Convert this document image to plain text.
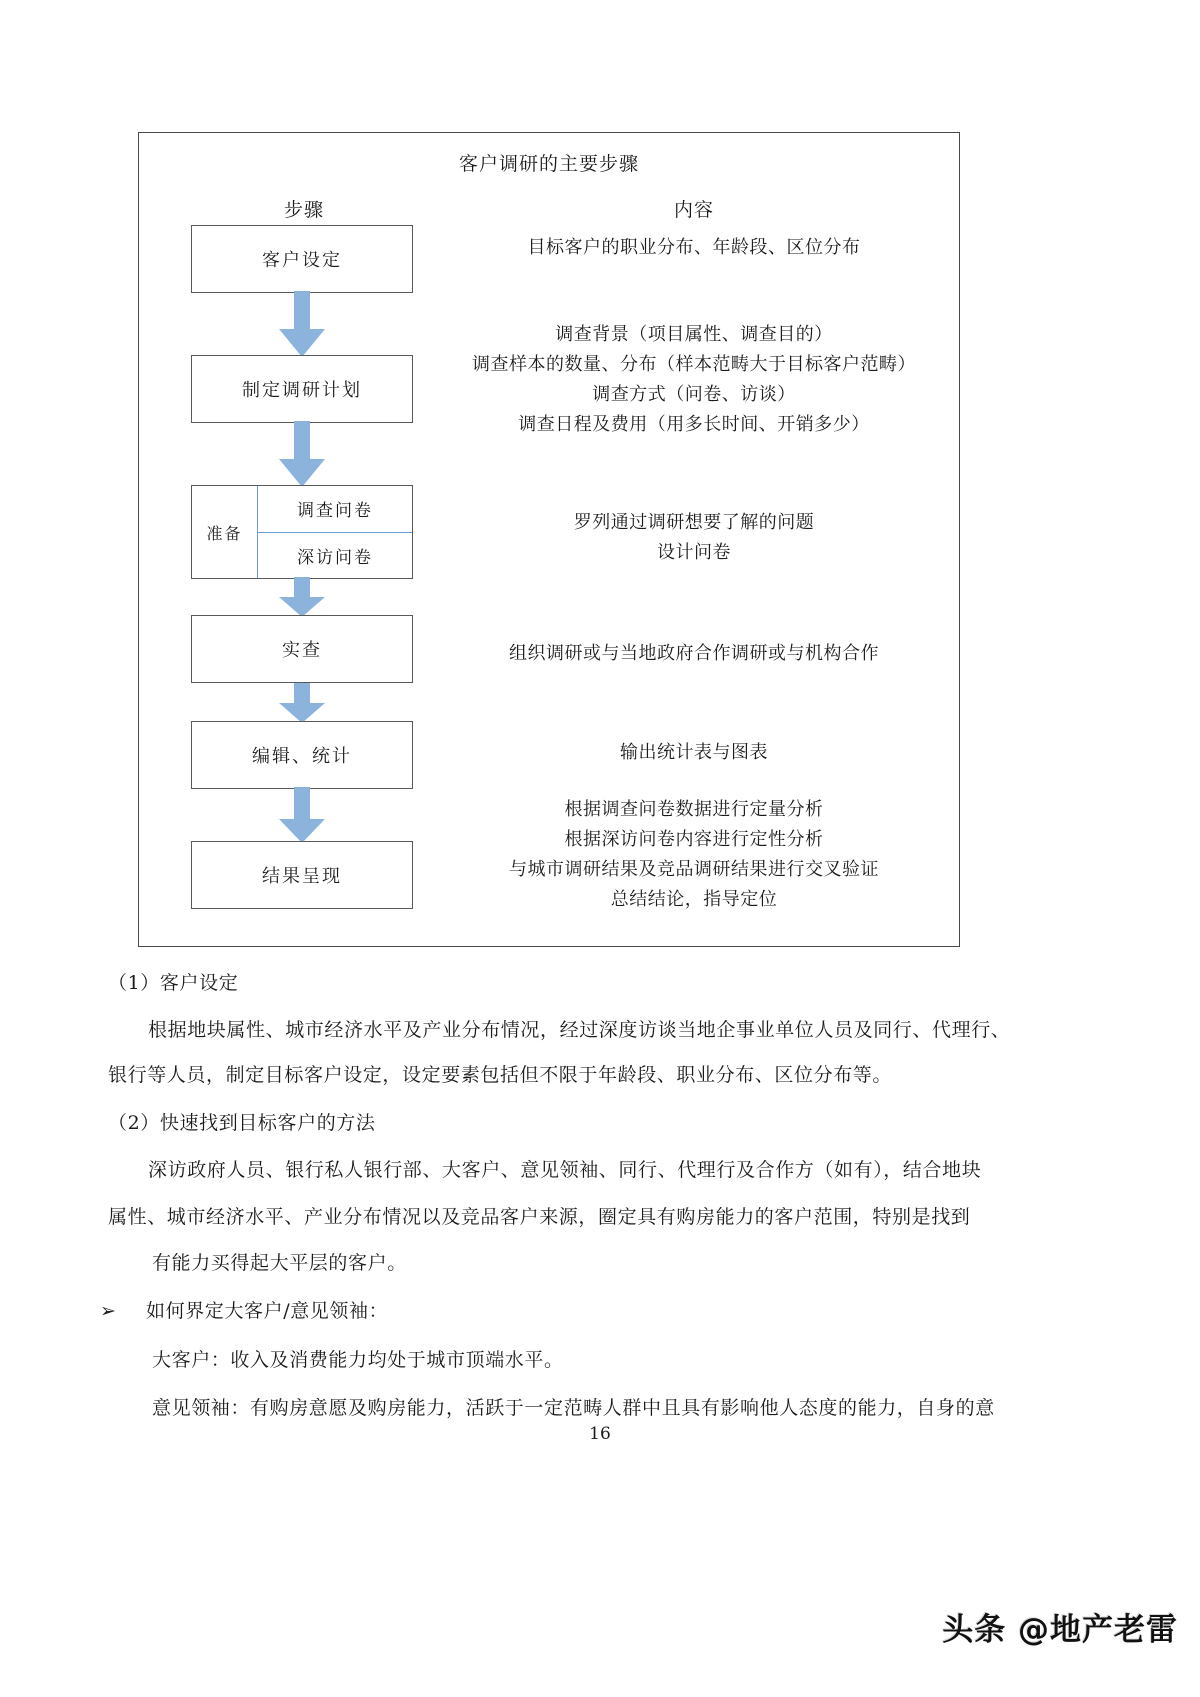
客户调研的主要步骤
步骤	内容
客户设定
制定调研计划
准备
调查问卷
深访问卷
实查
编辑、统计
结果呈现
目标客户的职业分布、年龄段、区位分布
调查背景（项目属性、调查目的）
调查样本的数量、分布（样本范畴大于目标客户范畴）
调查方式（问卷、访谈）
调查日程及费用（用多长时间、开销多少）
罗列通过调研想要了解的问题
设计问卷
组织调研或与当地政府合作调研或与机构合作
输出统计表与图表
根据调查问卷数据进行定量分析
根据深访问卷内容进行定性分析
与城市调研结果及竞品调研结果进行交叉验证
总结结论，指导定位
（1）客户设定
根据地块属性、城市经济水平及产业分布情况，经过深度访谈当地企事业单位人员及同行、代理行、
银行等人员，制定目标客户设定，设定要素包括但不限于年龄段、职业分布、区位分布等。
（2）快速找到目标客户的方法
深访政府人员、银行私人银行部、大客户、意见领袖、同行、代理行及合作方（如有），结合地块
属性、城市经济水平、产业分布情况以及竞品客户来源，圈定具有购房能力的客户范围，特别是找到
有能力买得起大平层的客户。
➢ 如何界定大客户/意见领袖：
大客户：收入及消费能力均处于城市顶端水平。
意见领袖：有购房意愿及购房能力，活跃于一定范畴人群中且具有影响他人态度的能力，自身的意
16
头条 @地产老雷
